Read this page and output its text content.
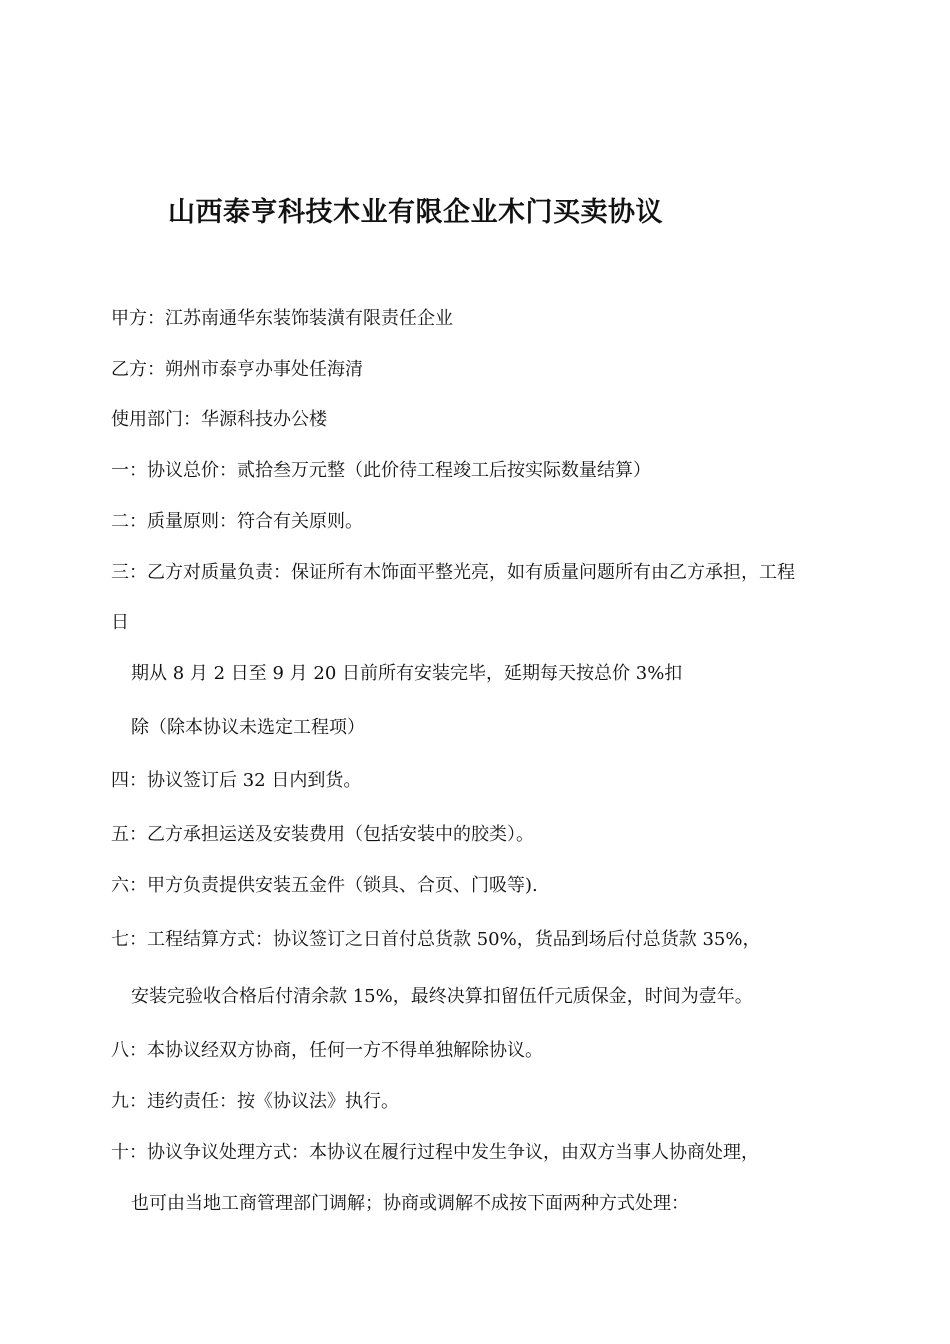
山西泰亨科技木业有限企业木门买卖协议
甲方：江苏南通华东装饰装潢有限责任企业
乙方：朔州市泰亨办事处任海清
使用部门：华源科技办公楼
一：协议总价：贰拾叁万元整（此价待工程竣工后按实际数量结算）
二：质量原则：符合有关原则。
三：乙方对质量负责：保证所有木饰面平整光亮，如有质量问题所有由乙方承担，工程
日
期从 8 月 2 日至 9 月 20 日前所有安装完毕，延期每天按总价 3%扣
除（除本协议未选定工程项）
四：协议签订后 32 日内到货。
五：乙方承担运送及安装费用（包括安装中的胶类）。
六：甲方负责提供安装五金件（锁具、合页、门吸等).
七：工程结算方式：协议签订之日首付总货款 50%，货品到场后付总货款 35%，
安装完验收合格后付清余款 15%，最终决算扣留伍仟元质保金，时间为壹年。
八：本协议经双方协商，任何一方不得单独解除协议。
九：违约责任：按《协议法》执行。
十：协议争议处理方式：本协议在履行过程中发生争议，由双方当事人协商处理，
也可由当地工商管理部门调解；协商或调解不成按下面两种方式处理：
